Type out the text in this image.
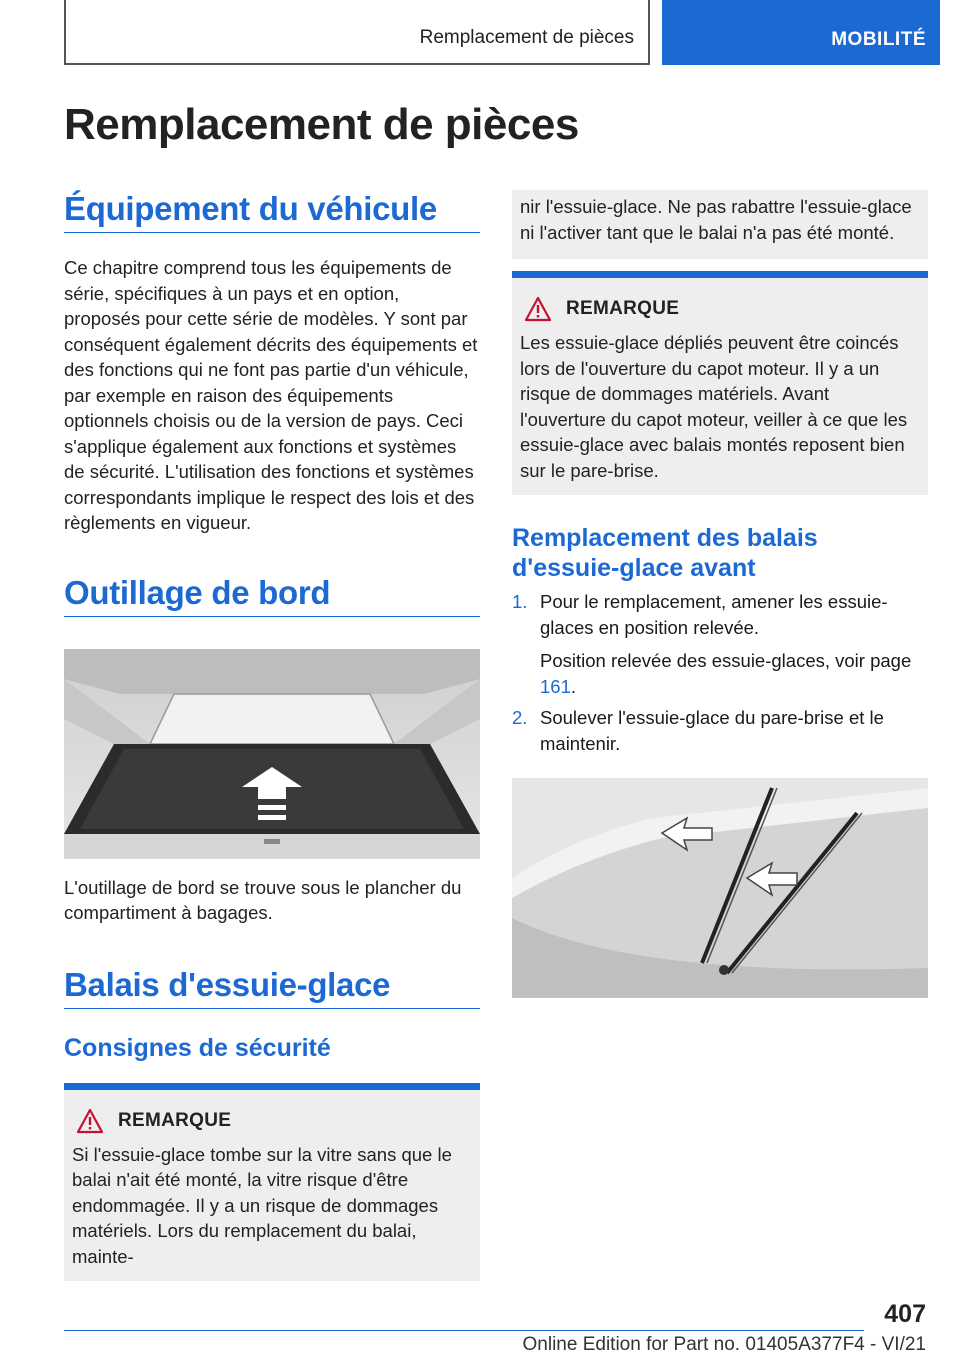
Remplacement de pièces	MOBILITÉ
Remplacement de pièces
Équipement du véhicule

Ce chapitre comprend tous les équipements de série, spécifiques à un pays et en option, proposés pour cette série de modèles. Y sont par conséquent également décrits des équipements et des fonctions qui ne font pas partie d'un véhicule, par exemple en raison des équipements optionnels choisis ou de la version de pays. Ceci s'applique également aux fonctions et systèmes de sécurité. L'utilisation des fonctions et systèmes correspondants implique le respect des lois et des règlements en vigueur.

Outillage de bord

L'outillage de bord se trouve sous le plancher du compartiment à bagages.

Balais d'essuie-glace
Consignes de sécurité
REMARQUE

Si l'essuie-glace tombe sur la vitre sans que le balai n'ait été monté, la vitre risque d'être endommagée. Il y a un risque de dommages matériels. Lors du remplacement du balai, mainte-

nir l'essuie-glace. Ne pas rabattre l'essuie-glace ni l'activer tant que le balai n'a pas été monté.

REMARQUE

Les essuie-glace dépliés peuvent être coincés lors de l'ouverture du capot moteur. Il y a un risque de dommages matériels. Avant l'ouverture du capot moteur, veiller à ce que les essuie-glace avec balais montés reposent bien sur le pare-brise.

Remplacement des balais d'essuie-glace avant
1. Pour le remplacement, amener les essuie-glaces en position relevée.
Position relevée des essuie-glaces, voir page 161.
2. Soulever l'essuie-glace du pare-brise et le maintenir.
407
Online Edition for Part no. 01405A377F4 - VI/21
